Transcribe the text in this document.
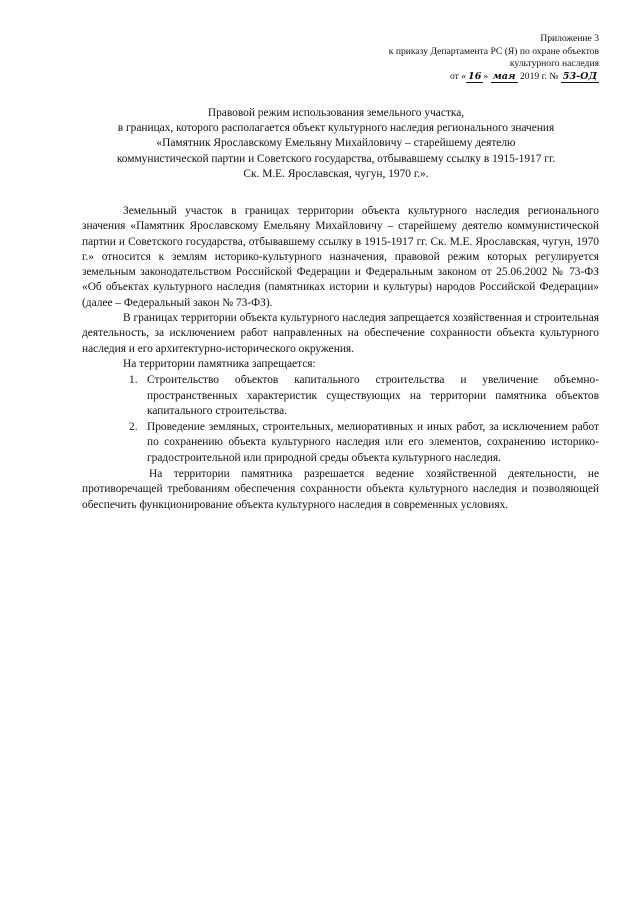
Приложение 3
к приказу Департамента РС (Я) по охране объектов
культурного наследия
от « 16 » мая 2019 г. № 53-ОД
Правовой режим использования земельного участка,
в границах, которого располагается объект культурного наследия регионального значения
«Памятник Ярославскому Емельяну Михайловичу – старейшему деятелю
коммунистической партии и Советского государства, отбывавшему ссылку в 1915-1917 гг.
Ск. М.Е. Ярославская, чугун, 1970 г.».

Земельный участок в границах территории объекта культурного наследия регионального значения «Памятник Ярославскому Емельяну Михайловичу – старейшему деятелю коммунистической партии и Советского государства, отбывавшему ссылку в 1915-1917 гг. Ск. М.Е. Ярославская, чугун, 1970 г.» относится к землям историко-культурного назначения, правовой режим которых регулируется земельным законодательством Российской Федерации и Федеральным законом от 25.06.2002 № 73-ФЗ «Об объектах культурного наследия (памятниках истории и культуры) народов Российской Федерации» (далее – Федеральный закон № 73-ФЗ).

В границах территории объекта культурного наследия запрещается хозяйственная и строительная деятельность, за исключением работ направленных на обеспечение сохранности объекта культурного наследия и его архитектурно-исторического окружения.

На территории памятника запрещается:

1. Строительство объектов капитального строительства и увеличение объемно-пространственных характеристик существующих на территории памятника объектов капитального строительства.
2. Проведение земляных, строительных, мелиоративных и иных работ, за исключением работ по сохранению объекта культурного наследия или его элементов, сохранению историко-градостроительной или природной среды объекта культурного наследия.

На территории памятника разрешается ведение хозяйственной деятельности, не противоречащей требованиям обеспечения сохранности объекта культурного наследия и позволяющей обеспечить функционирование объекта культурного наследия в современных условиях.
